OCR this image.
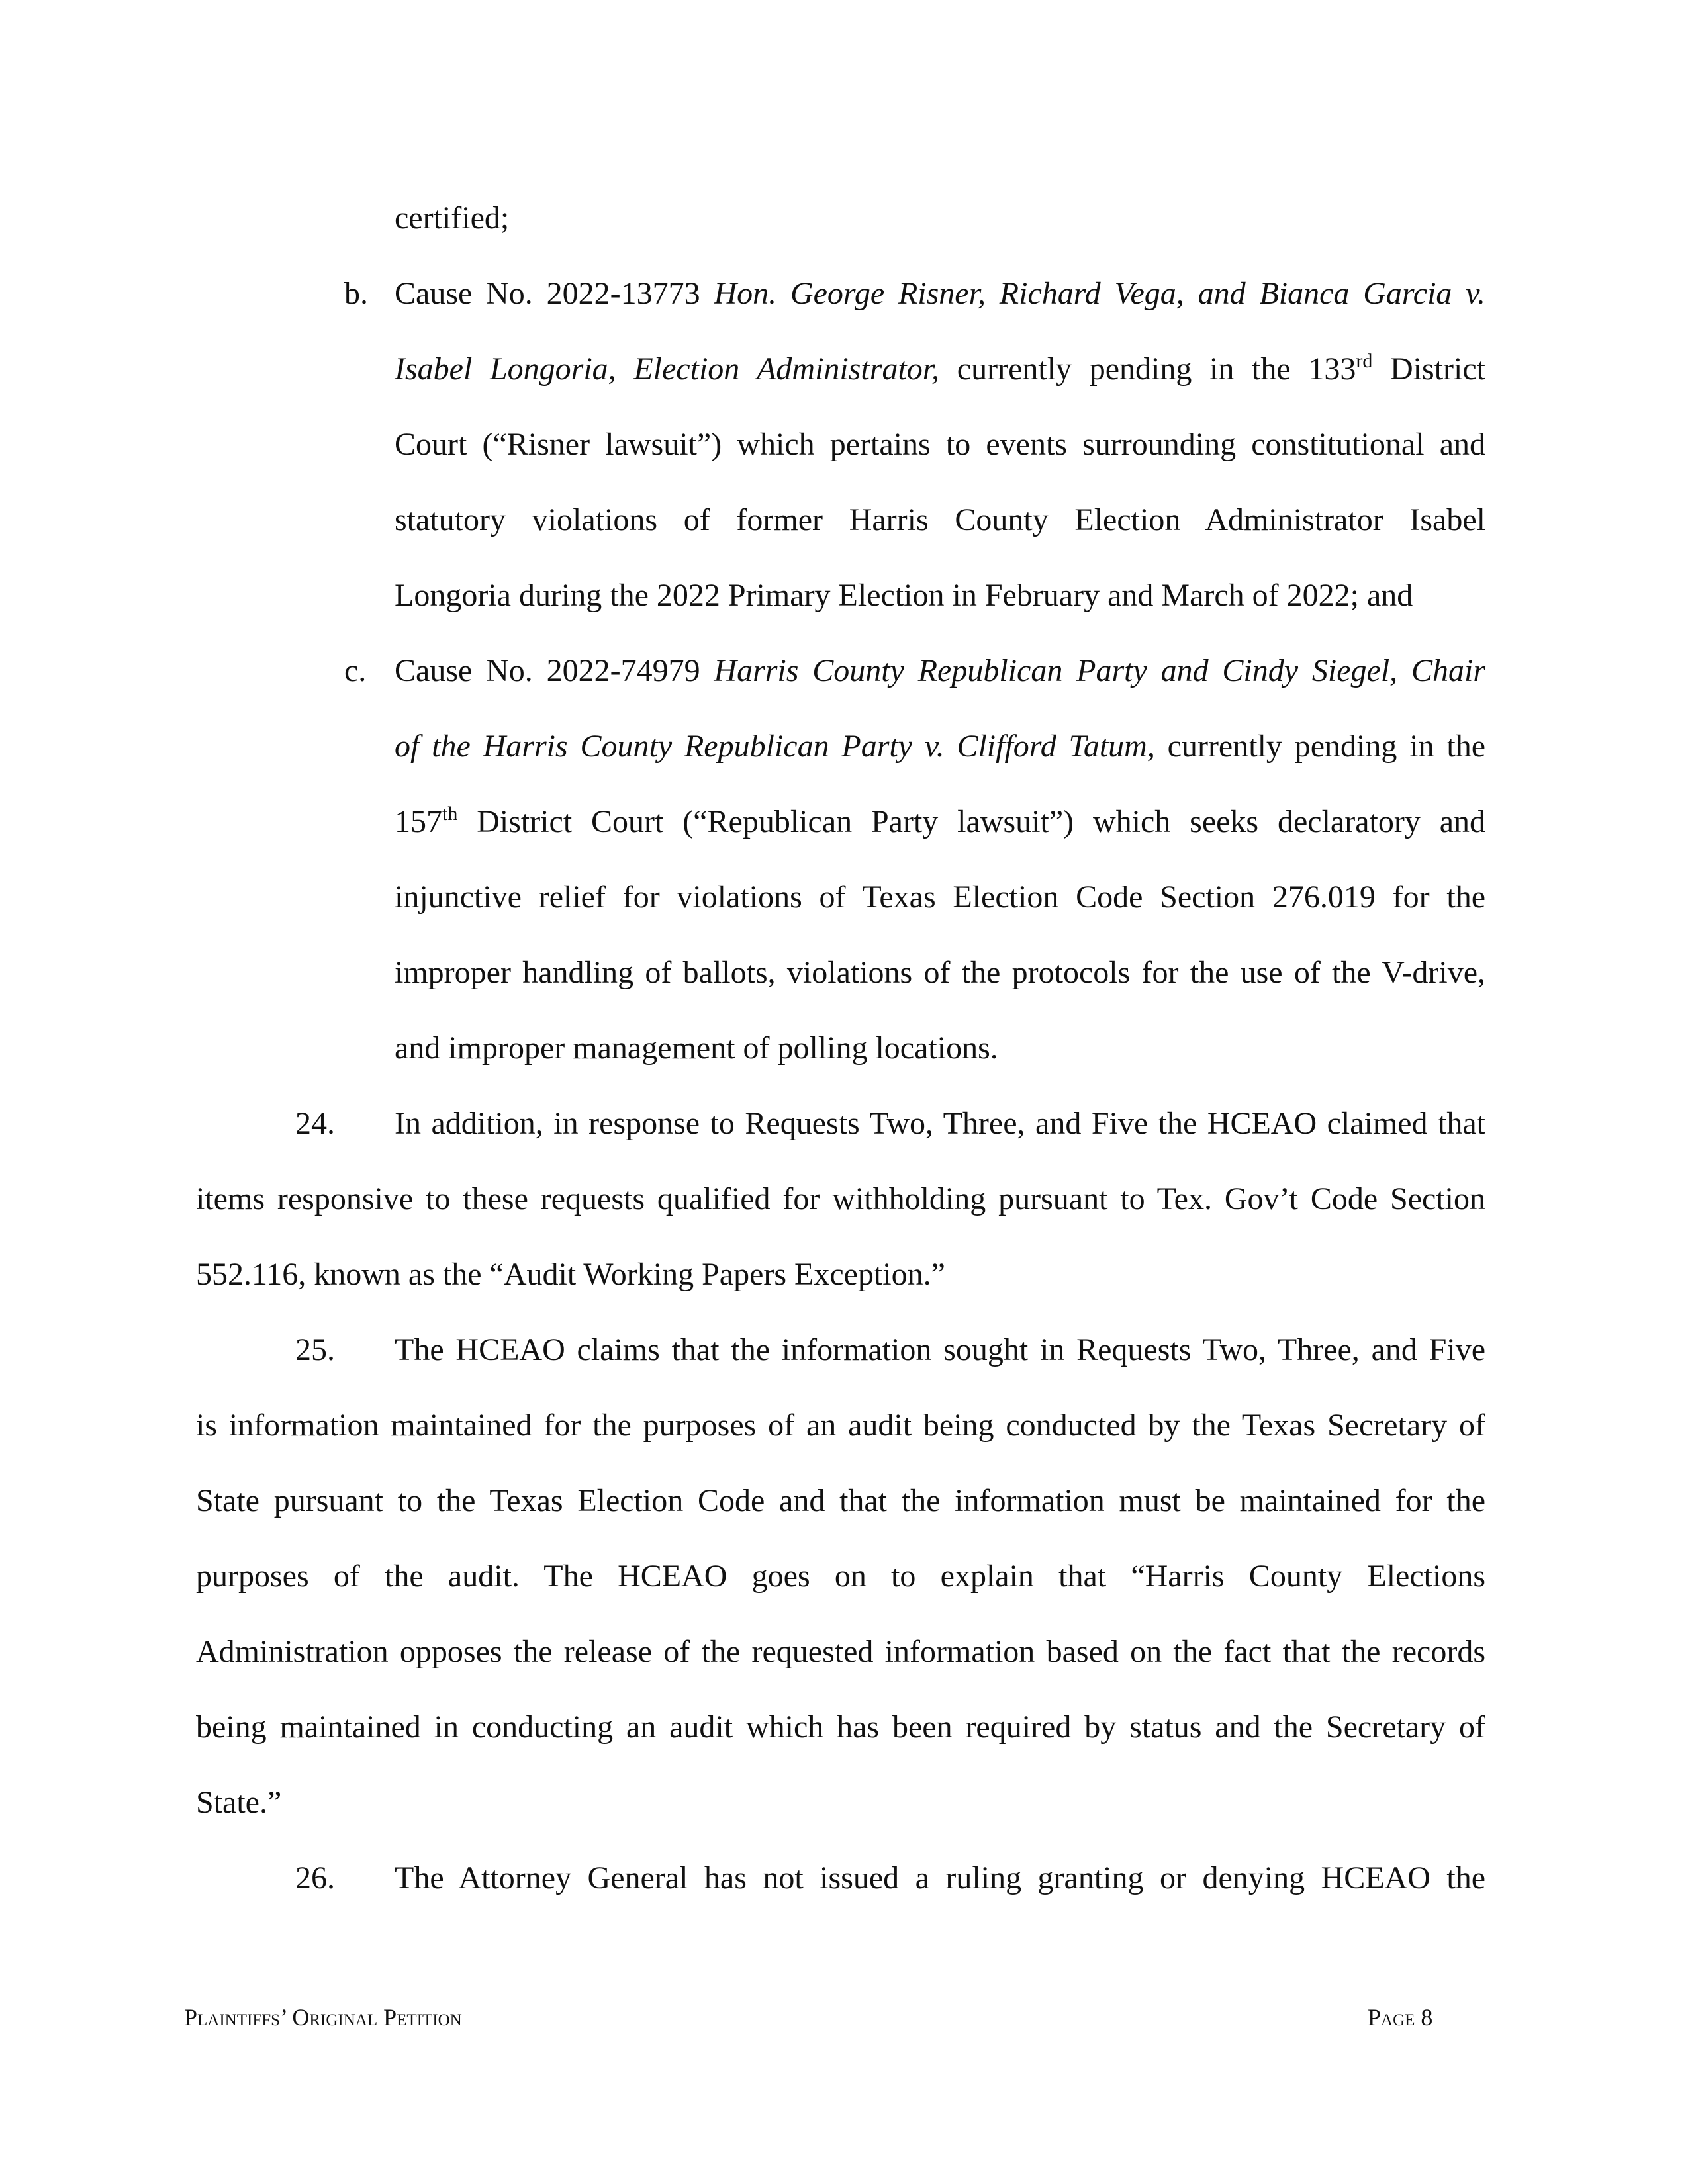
certified;
b. Cause No. 2022-13773 Hon. George Risner, Richard Vega, and Bianca Garcia v.
Isabel Longoria, Election Administrator, currently pending in the 133rd District
Court (“Risner lawsuit”) which pertains to events surrounding constitutional and
statutory violations of former Harris County Election Administrator Isabel
Longoria during the 2022 Primary Election in February and March of 2022; and
c. Cause No. 2022-74979 Harris County Republican Party and Cindy Siegel, Chair
of the Harris County Republican Party v. Clifford Tatum, currently pending in the
157th District Court (“Republican Party lawsuit”) which seeks declaratory and
injunctive relief for violations of Texas Election Code Section 276.019 for the
improper handling of ballots, violations of the protocols for the use of the V-drive,
and improper management of polling locations.
24. In addition, in response to Requests Two, Three, and Five the HCEAO claimed that
items responsive to these requests qualified for withholding pursuant to Tex. Gov’t Code Section
552.116, known as the “Audit Working Papers Exception.”
25. The HCEAO claims that the information sought in Requests Two, Three, and Five
is information maintained for the purposes of an audit being conducted by the Texas Secretary of
State pursuant to the Texas Election Code and that the information must be maintained for the
purposes of the audit. The HCEAO goes on to explain that “Harris County Elections
Administration opposes the release of the requested information based on the fact that the records
being maintained in conducting an audit which has been required by status and the Secretary of
State.”
26. The Attorney General has not issued a ruling granting or denying HCEAO the
Plaintiffs’ Original Petition	Page 8
